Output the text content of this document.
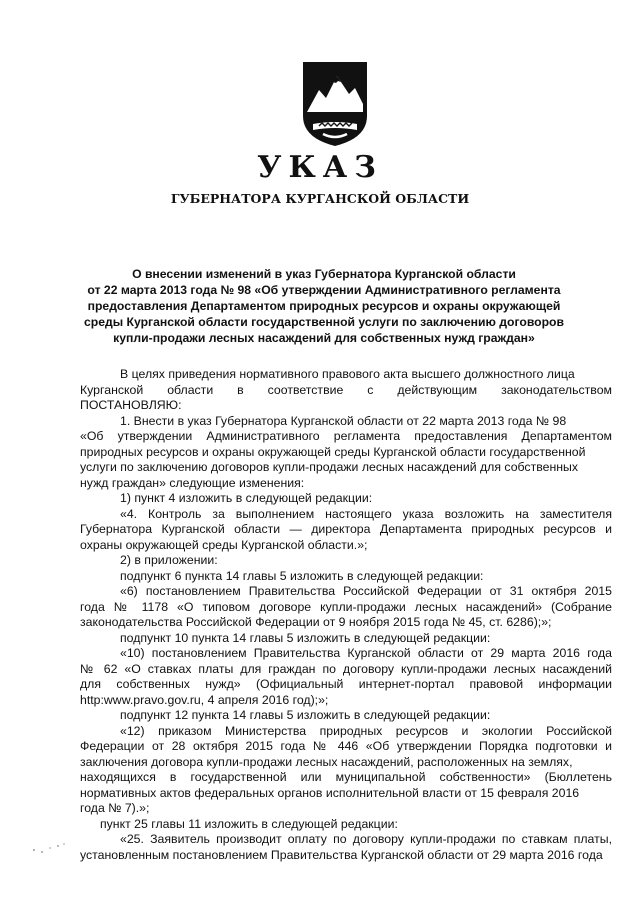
УКАЗ
ГУБЕРНАТОРА КУРГАНСКОЙ ОБЛАСТИ
О внесении изменений в указ Губернатора Курганской области
от 22 марта 2013 года № 98 «Об утверждении Административного регламента
предоставления Департаментом природных ресурсов и охраны окружающей
среды Курганской области государственной услуги по заключению договоров
купли-продажи лесных насаждений для собственных нужд граждан»
В целях приведения нормативного правового акта высшего должностного лица
Курганской области в соответствие с действующим законодательством
ПОСТАНОВЛЯЮ:
1. Внести в указ Губернатора Курганской области от 22 марта 2013 года № 98
«Об утверждении Административного регламента предоставления Департаментом
природных ресурсов и охраны окружающей среды Курганской области государственной
услуги по заключению договоров купли-продажи лесных насаждений для собственных
нужд граждан» следующие изменения:
1) пункт 4 изложить в следующей редакции:
«4. Контроль за выполнением настоящего указа возложить на заместителя
Губернатора Курганской области — директора Департамента природных ресурсов и
охраны окружающей среды Курганской области.»;
2) в приложении:
подпункт 6 пункта 14 главы 5 изложить в следующей редакции:
«6) постановлением Правительства Российской Федерации от 31 октября 2015
года № 1178 «О типовом договоре купли-продажи лесных насаждений» (Собрание
законодательства Российской Федерации от 9 ноября 2015 года № 45, ст. 6286);»;
подпункт 10 пункта 14 главы 5 изложить в следующей редакции:
«10) постановлением Правительства Курганской области от 29 марта 2016 года
№ 62 «О ставках платы для граждан по договору купли-продажи лесных насаждений
для собственных нужд» (Официальный интернет-портал правовой информации
http:www.pravo.gov.ru, 4 апреля 2016 год);»;
подпункт 12 пункта 14 главы 5 изложить в следующей редакции:
«12) приказом Министерства природных ресурсов и экологии Российской
Федерации от 28 октября 2015 года № 446 «Об утверждении Порядка подготовки и
заключения договора купли-продажи лесных насаждений, расположенных на землях,
находящихся в государственной или муниципальной собственности» (Бюллетень
нормативных актов федеральных органов исполнительной власти от 15 февраля 2016
года № 7).»;
пункт 25 главы 11 изложить в следующей редакции:
«25. Заявитель производит оплату по договору купли-продажи по ставкам платы,
установленным постановлением Правительства Курганской области от 29 марта 2016 года
